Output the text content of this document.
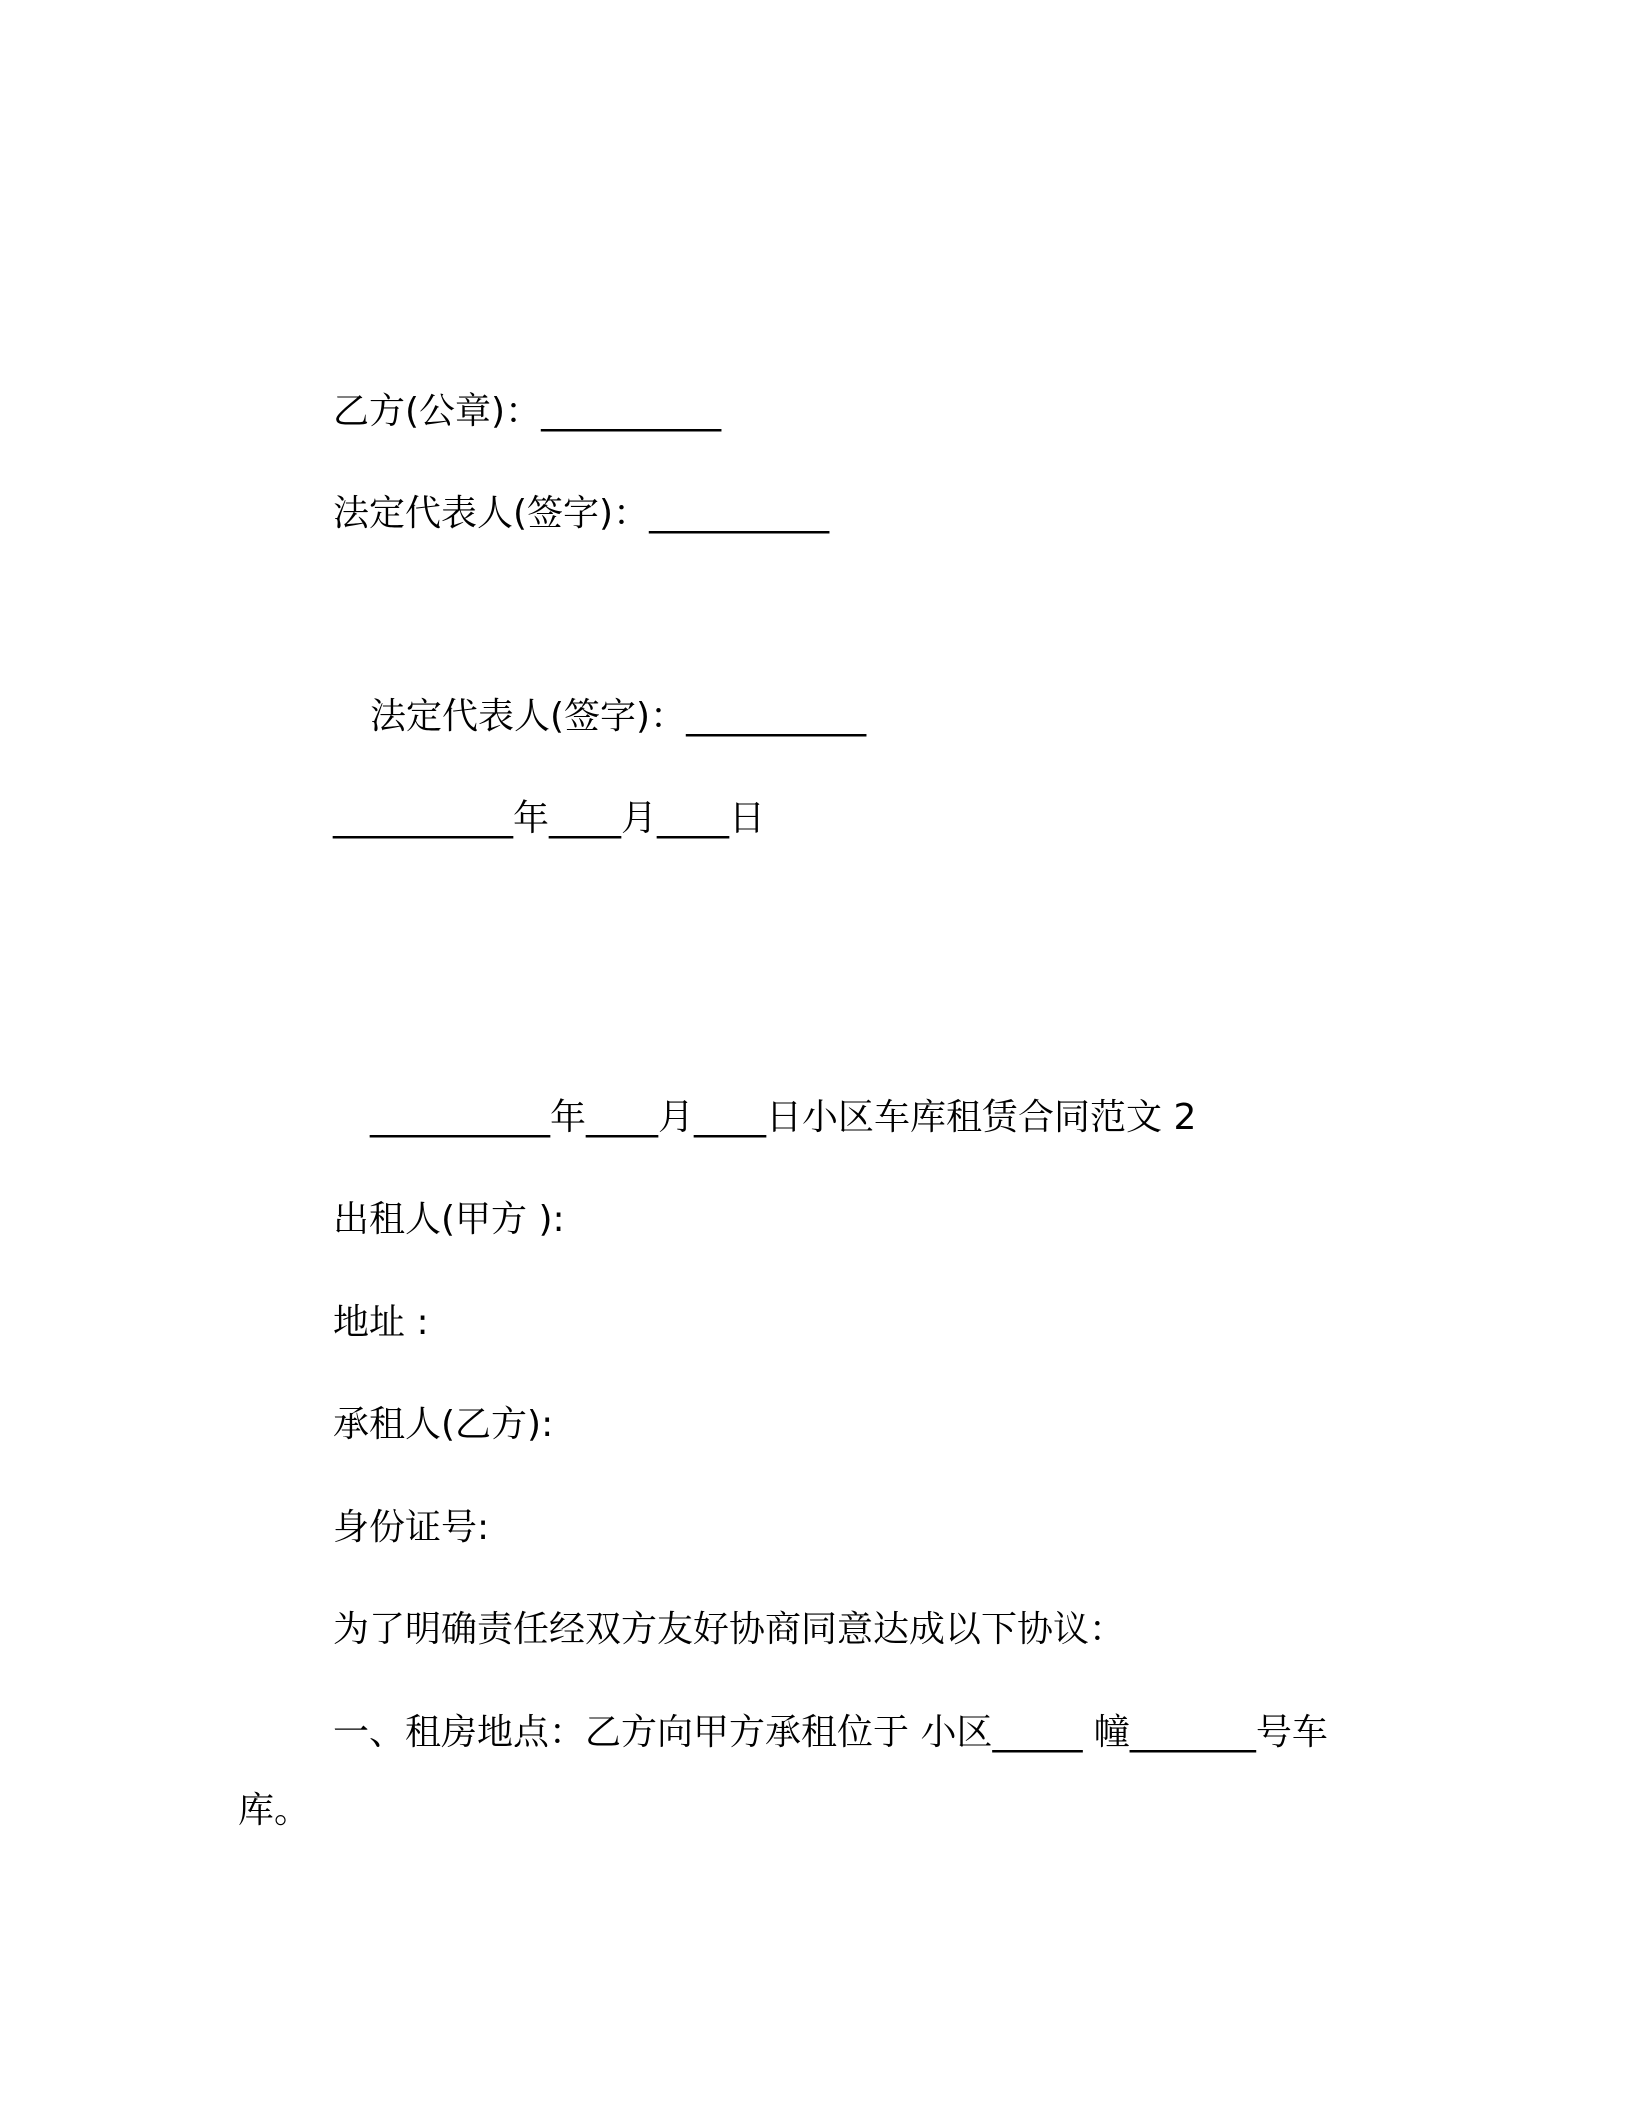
乙方(公章)：__________

法定代表人(签字)：__________

法定代表人(签字)：__________

__________年____月____日

__________年____月____日小区车库租赁合同范文 2

出租人(甲方 ):

地址 :

承租人(乙方):

身份证号:

为了明确责任经双方友好协商同意达成以下协议：

一、租房地点：乙方向甲方承租位于 小区_____ 幢_______号车

库。
